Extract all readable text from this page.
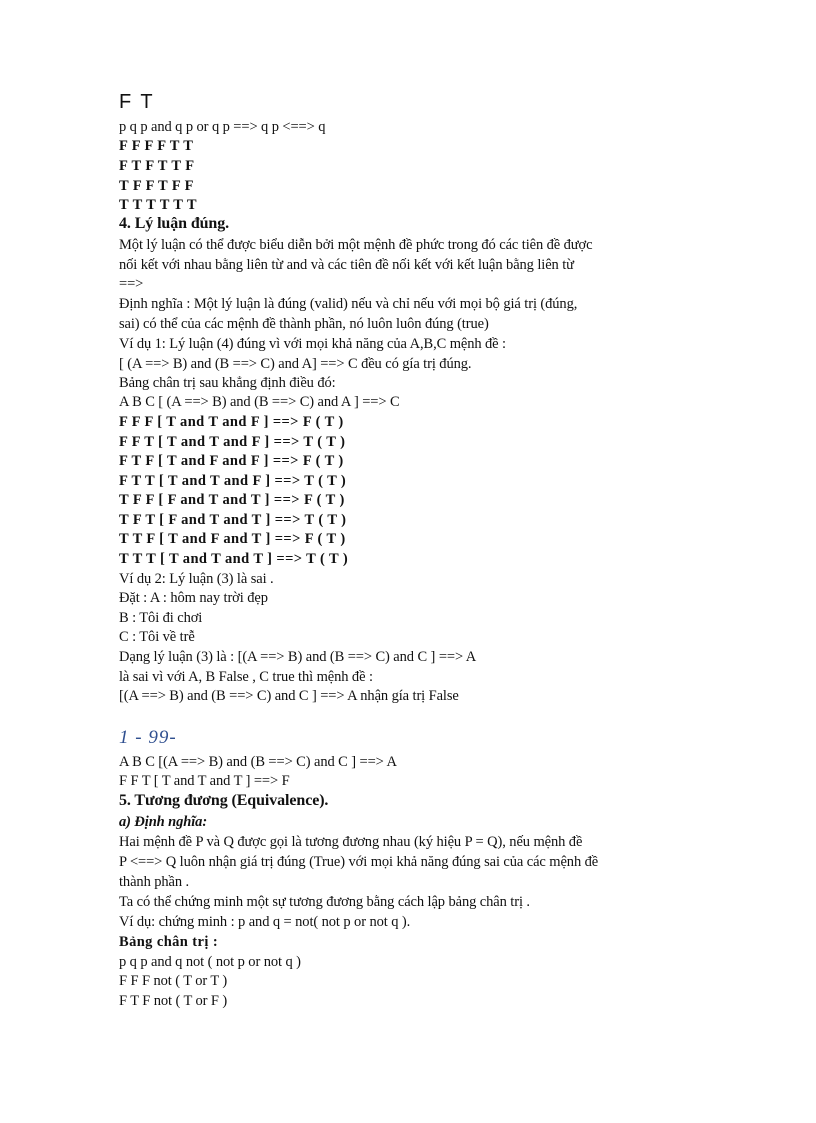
F T
p q p and q p or q p ==> q p <==> q
F F F F T T
F T F T T F
T F F T F F
T T T T T T
4. Lý luận đúng.
Một lý luận có thể được biểu diễn bởi một mệnh đề phức trong đó các tiên đề được
nối kết với nhau bằng liên từ and và các tiên đề nối kết với kết luận bằng liên từ
==>
Định nghĩa : Một lý luận là đúng (valid) nếu và chỉ nếu với mọi bộ giá trị (đúng,
sai) có thể của các mệnh đề thành phần, nó luôn luôn đúng (true)
Ví dụ 1: Lý luận (4) đúng vì với mọi khả năng của A,B,C mệnh đề :
[ (A ==> B) and (B ==> C) and A] ==> C đều có gía trị đúng.
Bảng chân trị sau khẳng định điều đó:
A B C [ (A ==> B) and (B ==> C) and A ] ==> C
F F F [ T and T and F ] ==> F ( T )
F F T [ T and T and F ] ==> T ( T )
F T F [ T and F and F ] ==> F ( T )
F T T [ T and T and F ] ==> T ( T )
T F F [ F and T and T ] ==> F ( T )
T F T [ F and T and T ] ==> T ( T )
T T F [ T and F and T ] ==> F ( T )
T T T [ T and T and T ] ==> T ( T )
Ví dụ 2: Lý luận (3) là sai .
Đặt : A : hôm nay trời đẹp
B : Tôi đi chơi
C : Tôi về trễ
Dạng lý luận (3) là : [(A ==> B) and (B ==> C) and C ] ==> A
là sai vì với A, B False , C true thì mệnh đề :
[(A ==> B) and (B ==> C) and C ] ==> A nhận gía trị False
1 - 99-
A B C [(A ==> B) and (B ==> C) and C ] ==> A
F F T [ T and T and T ] ==> F
5. Tương đương (Equivalence).
a) Định nghĩa:
Hai mệnh đề P và Q được gọi là tương đương nhau (ký hiệu P = Q), nếu mệnh đề
P <==> Q luôn nhận giá trị đúng (True) với mọi khả năng đúng sai của các mệnh đề
thành phần .
Ta có thể chứng minh một sự tương đương bằng cách lập bảng chân trị .
Ví dụ: chứng minh : p and q = not( not p or not q ).
Bảng chân trị :
p q p and q not ( not p or not q )
F F F not ( T or T )
F T F not ( T or F )
